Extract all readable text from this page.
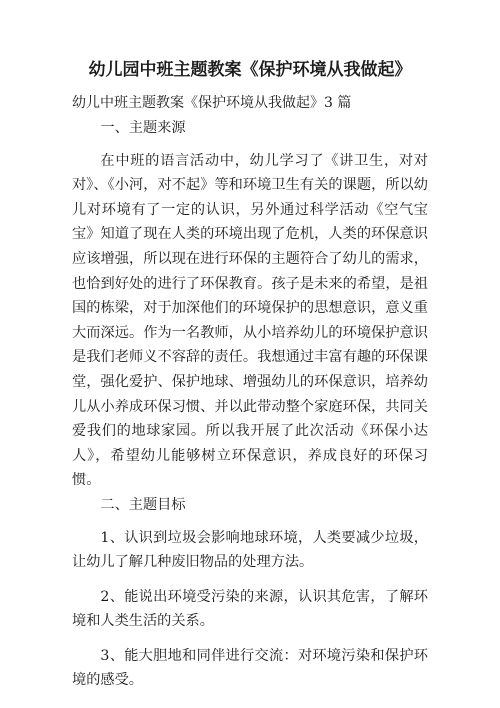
幼儿园中班主题教案《保护环境从我做起》
幼儿中班主题教案《保护环境从我做起》3 篇

一、主题来源

在中班的语言活动中，幼儿学习了《讲卫生，对对对》、《小河，对不起》等和环境卫生有关的课题，所以幼儿对环境有了一定的认识，另外通过科学活动《空气宝宝》知道了现在人类的环境出现了危机，人类的环保意识应该增强，所以现在进行环保的主题符合了幼儿的需求，也恰到好处的进行了环保教育。孩子是未来的希望，是祖国的栋梁，对于加深他们的环境保护的思想意识，意义重大而深远。作为一名教师，从小培养幼儿的环境保护意识是我们老师义不容辞的责任。我想通过丰富有趣的环保课堂，强化爱护、保护地球、增强幼儿的环保意识，培养幼儿从小养成环保习惯、并以此带动整个家庭环保，共同关爱我们的地球家园。所以我开展了此次活动《环保小达人》，希望幼儿能够树立环保意识，养成良好的环保习惯。

二、主题目标

1、认识到垃圾会影响地球环境，人类要减少垃圾，让幼儿了解几种废旧物品的处理方法。

2、能说出环境受污染的来源，认识其危害，了解环境和人类生活的关系。

3、能大胆地和同伴进行交流：对环境污染和保护环境的感受。
